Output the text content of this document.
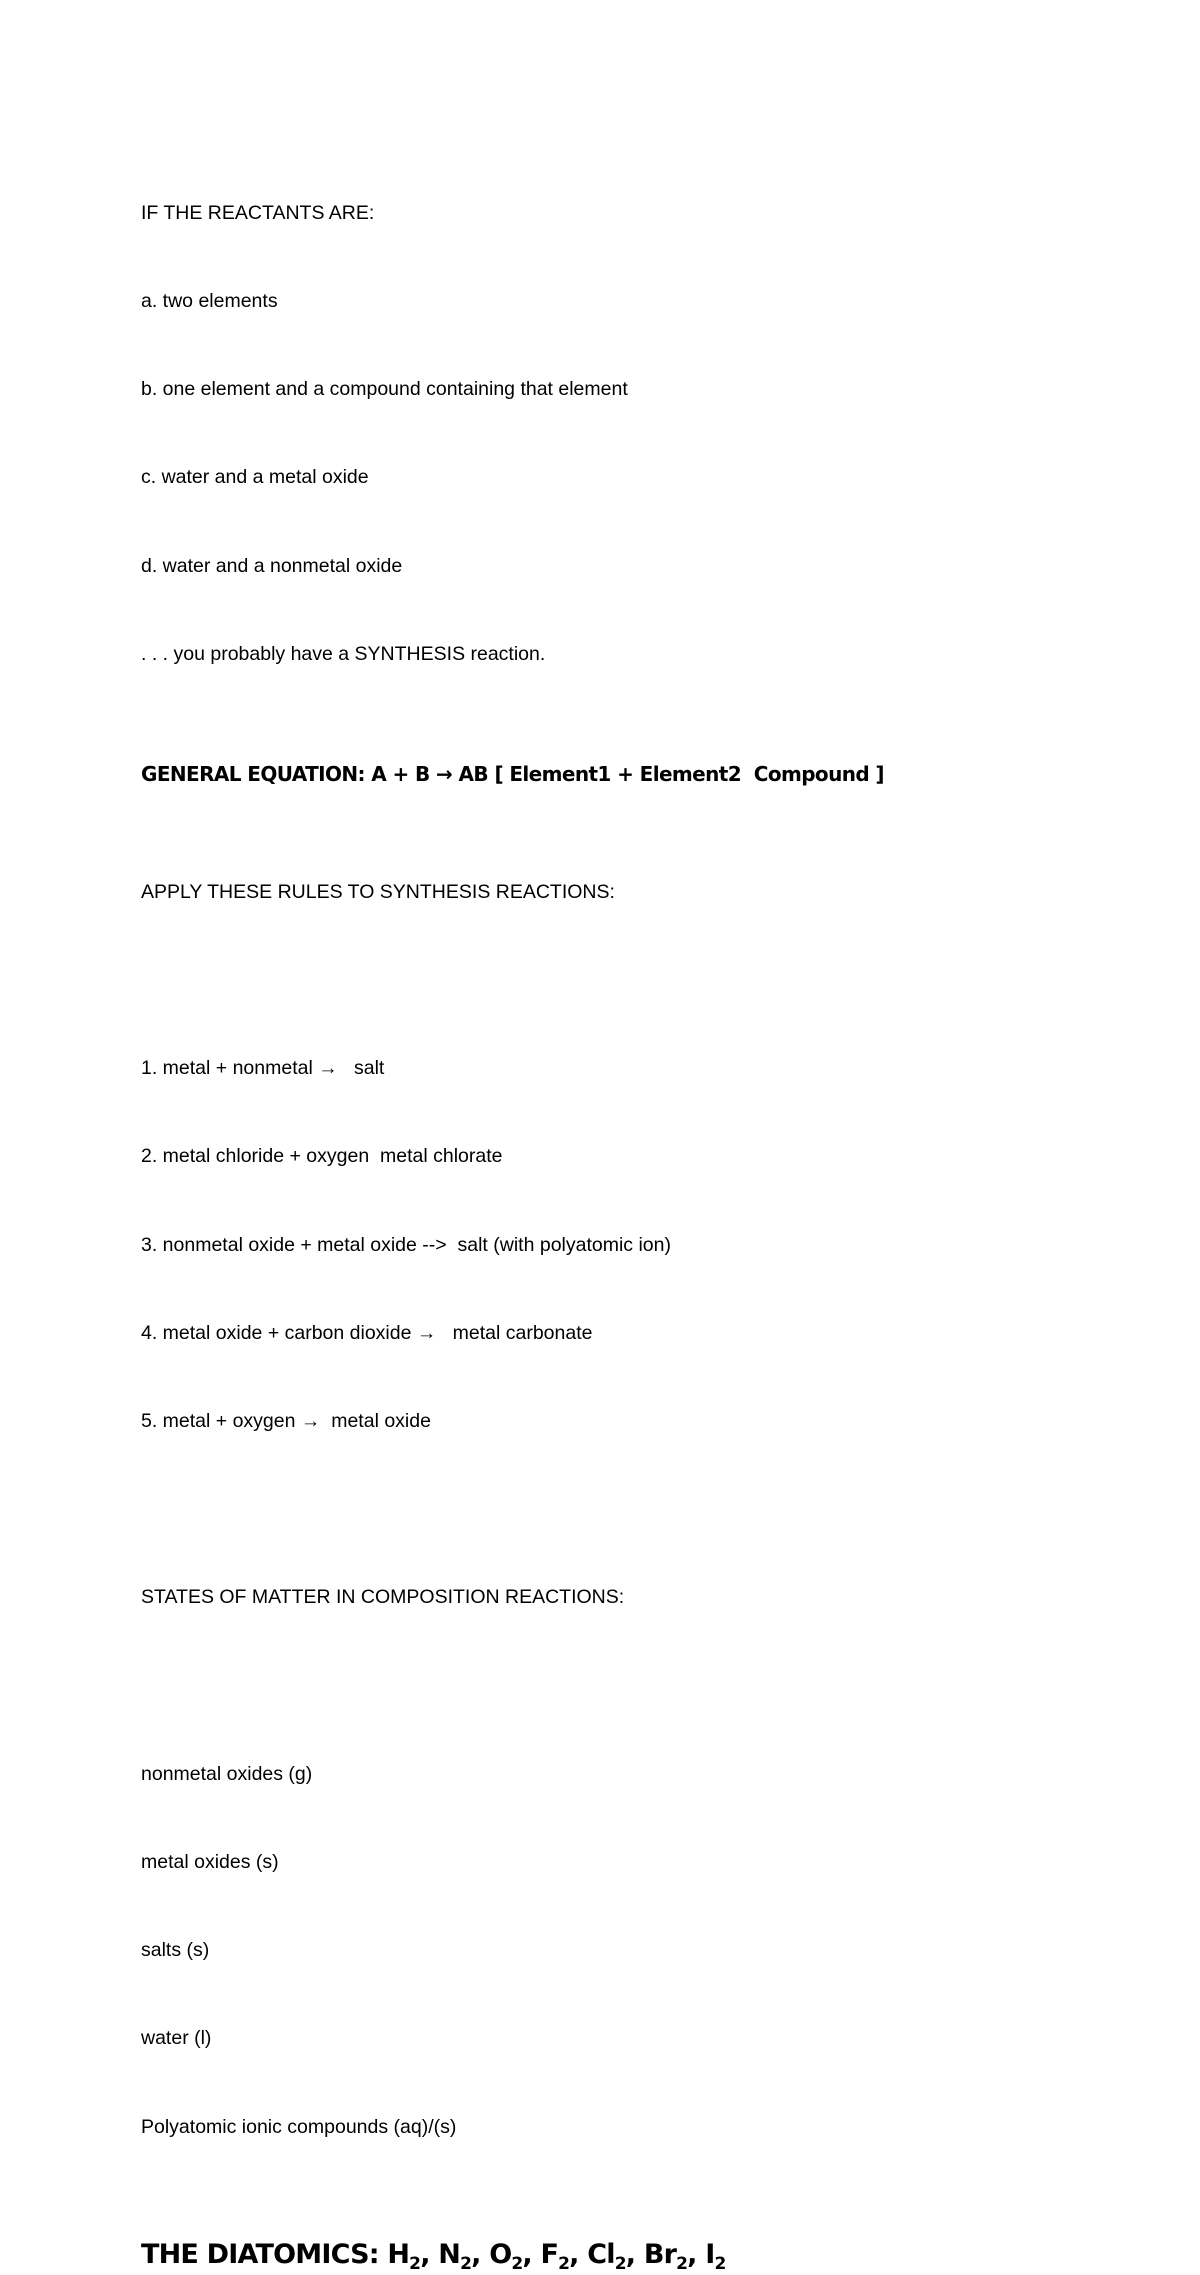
IF THE REACTANTS ARE:

a. two elements

b. one element and a compound containing that element

c. water and a metal oxide

d. water and a nonmetal oxide

. . . you probably have a SYNTHESIS reaction.

GENERAL EQUATION: A + B → AB [ Element1 + Element2  Compound ]

APPLY THESE RULES TO SYNTHESIS REACTIONS:

1. metal + nonmetal →   salt

2. metal chloride + oxygen  metal chlorate

3. nonmetal oxide + metal oxide -->  salt (with polyatomic ion)

4. metal oxide + carbon dioxide →   metal carbonate

5. metal + oxygen →  metal oxide

STATES OF MATTER IN COMPOSITION REACTIONS:

nonmetal oxides (g)

metal oxides (s)

salts (s)

water (l)

Polyatomic ionic compounds (aq)/(s)

THE DIATOMICS: $H_2$, $N_2$, $O_2$, $F_2$, $Cl_2$, $Br_2$, $I_2$
